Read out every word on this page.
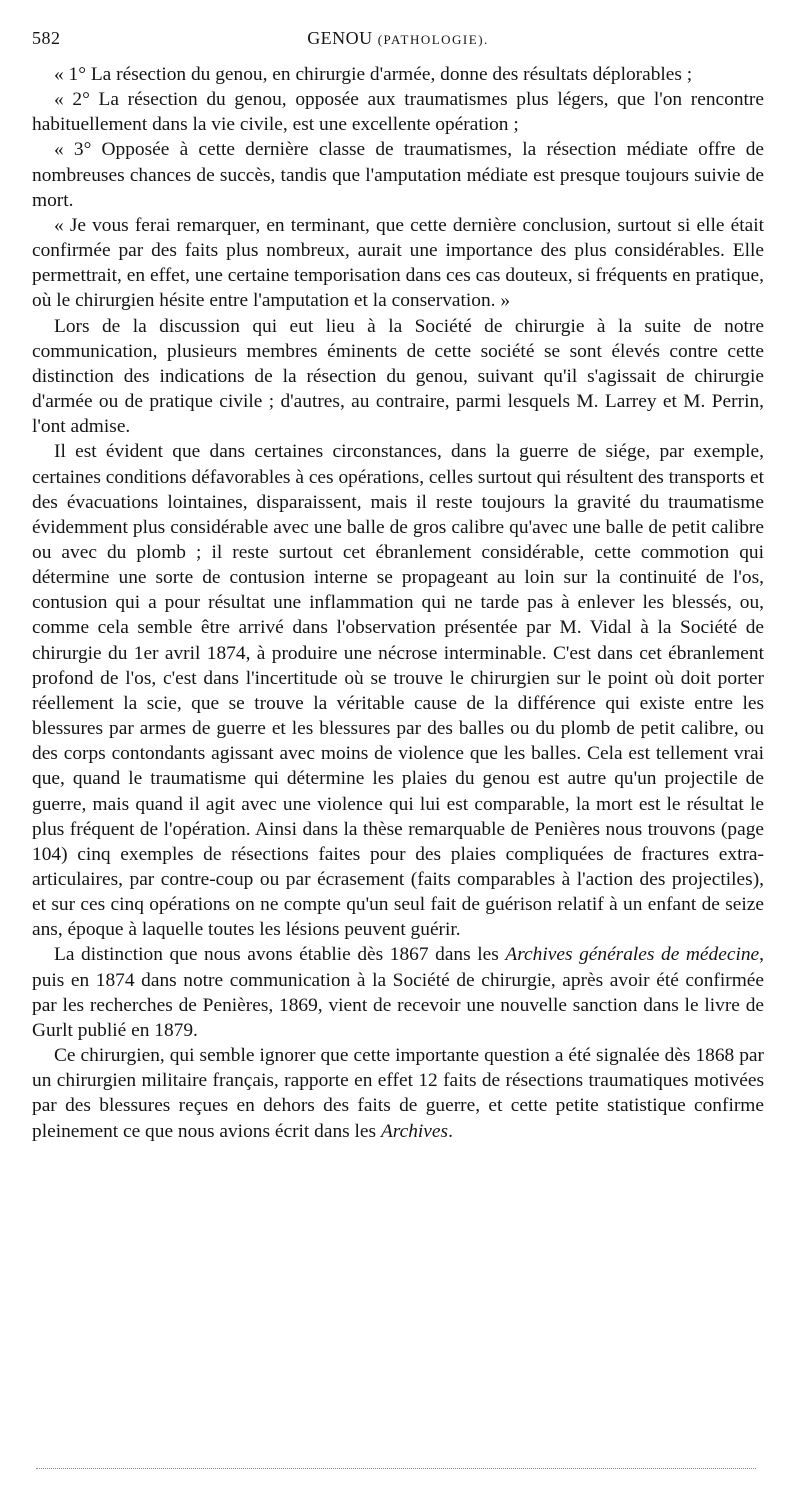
582	GENOU (PATHOLOGIE).

« 1° La résection du genou, en chirurgie d'armée, donne des résultats déplorables ;

« 2° La résection du genou, opposée aux traumatismes plus légers, que l'on rencontre habituellement dans la vie civile, est une excellente opération ;

« 3° Opposée à cette dernière classe de traumatismes, la résection médiate offre de nombreuses chances de succès, tandis que l'amputation médiate est presque toujours suivie de mort.

« Je vous ferai remarquer, en terminant, que cette dernière conclusion, surtout si elle était confirmée par des faits plus nombreux, aurait une importance des plus considérables. Elle permettrait, en effet, une certaine temporisation dans ces cas douteux, si fréquents en pratique, où le chirurgien hésite entre l'amputation et la conservation. »

Lors de la discussion qui eut lieu à la Société de chirurgie à la suite de notre communication, plusieurs membres éminents de cette société se sont élevés contre cette distinction des indications de la résection du genou, suivant qu'il s'agissait de chirurgie d'armée ou de pratique civile ; d'autres, au contraire, parmi lesquels M. Larrey et M. Perrin, l'ont admise.

Il est évident que dans certaines circonstances, dans la guerre de siége, par exemple, certaines conditions défavorables à ces opérations, celles surtout qui résultent des transports et des évacuations lointaines, disparaissent, mais il reste toujours la gravité du traumatisme évidemment plus considérable avec une balle de gros calibre qu'avec une balle de petit calibre ou avec du plomb ; il reste surtout cet ébranlement considérable, cette commotion qui détermine une sorte de contusion interne se propageant au loin sur la continuité de l'os, contusion qui a pour résultat une inflammation qui ne tarde pas à enlever les blessés, ou, comme cela semble être arrivé dans l'observation présentée par M. Vidal à la Société de chirurgie du 1er avril 1874, à produire une nécrose interminable. C'est dans cet ébranlement profond de l'os, c'est dans l'incertitude où se trouve le chirurgien sur le point où doit porter réellement la scie, que se trouve la véritable cause de la différence qui existe entre les blessures par armes de guerre et les blessures par des balles ou du plomb de petit calibre, ou des corps contondants agissant avec moins de violence que les balles. Cela est tellement vrai que, quand le traumatisme qui détermine les plaies du genou est autre qu'un projectile de guerre, mais quand il agit avec une violence qui lui est comparable, la mort est le résultat le plus fréquent de l'opération. Ainsi dans la thèse remarquable de Penières nous trouvons (page 104) cinq exemples de résections faites pour des plaies compliquées de fractures extra-articulaires, par contre-coup ou par écrasement (faits comparables à l'action des projectiles), et sur ces cinq opérations on ne compte qu'un seul fait de guérison relatif à un enfant de seize ans, époque à laquelle toutes les lésions peuvent guérir.

La distinction que nous avons établie dès 1867 dans les Archives générales de médecine, puis en 1874 dans notre communication à la Société de chirurgie, après avoir été confirmée par les recherches de Penières, 1869, vient de recevoir une nouvelle sanction dans le livre de Gurlt publié en 1879.

Ce chirurgien, qui semble ignorer que cette importante question a été signalée dès 1868 par un chirurgien militaire français, rapporte en effet 12 faits de résections traumatiques motivées par des blessures reçues en dehors des faits de guerre, et cette petite statistique confirme pleinement ce que nous avions écrit dans les Archives.
